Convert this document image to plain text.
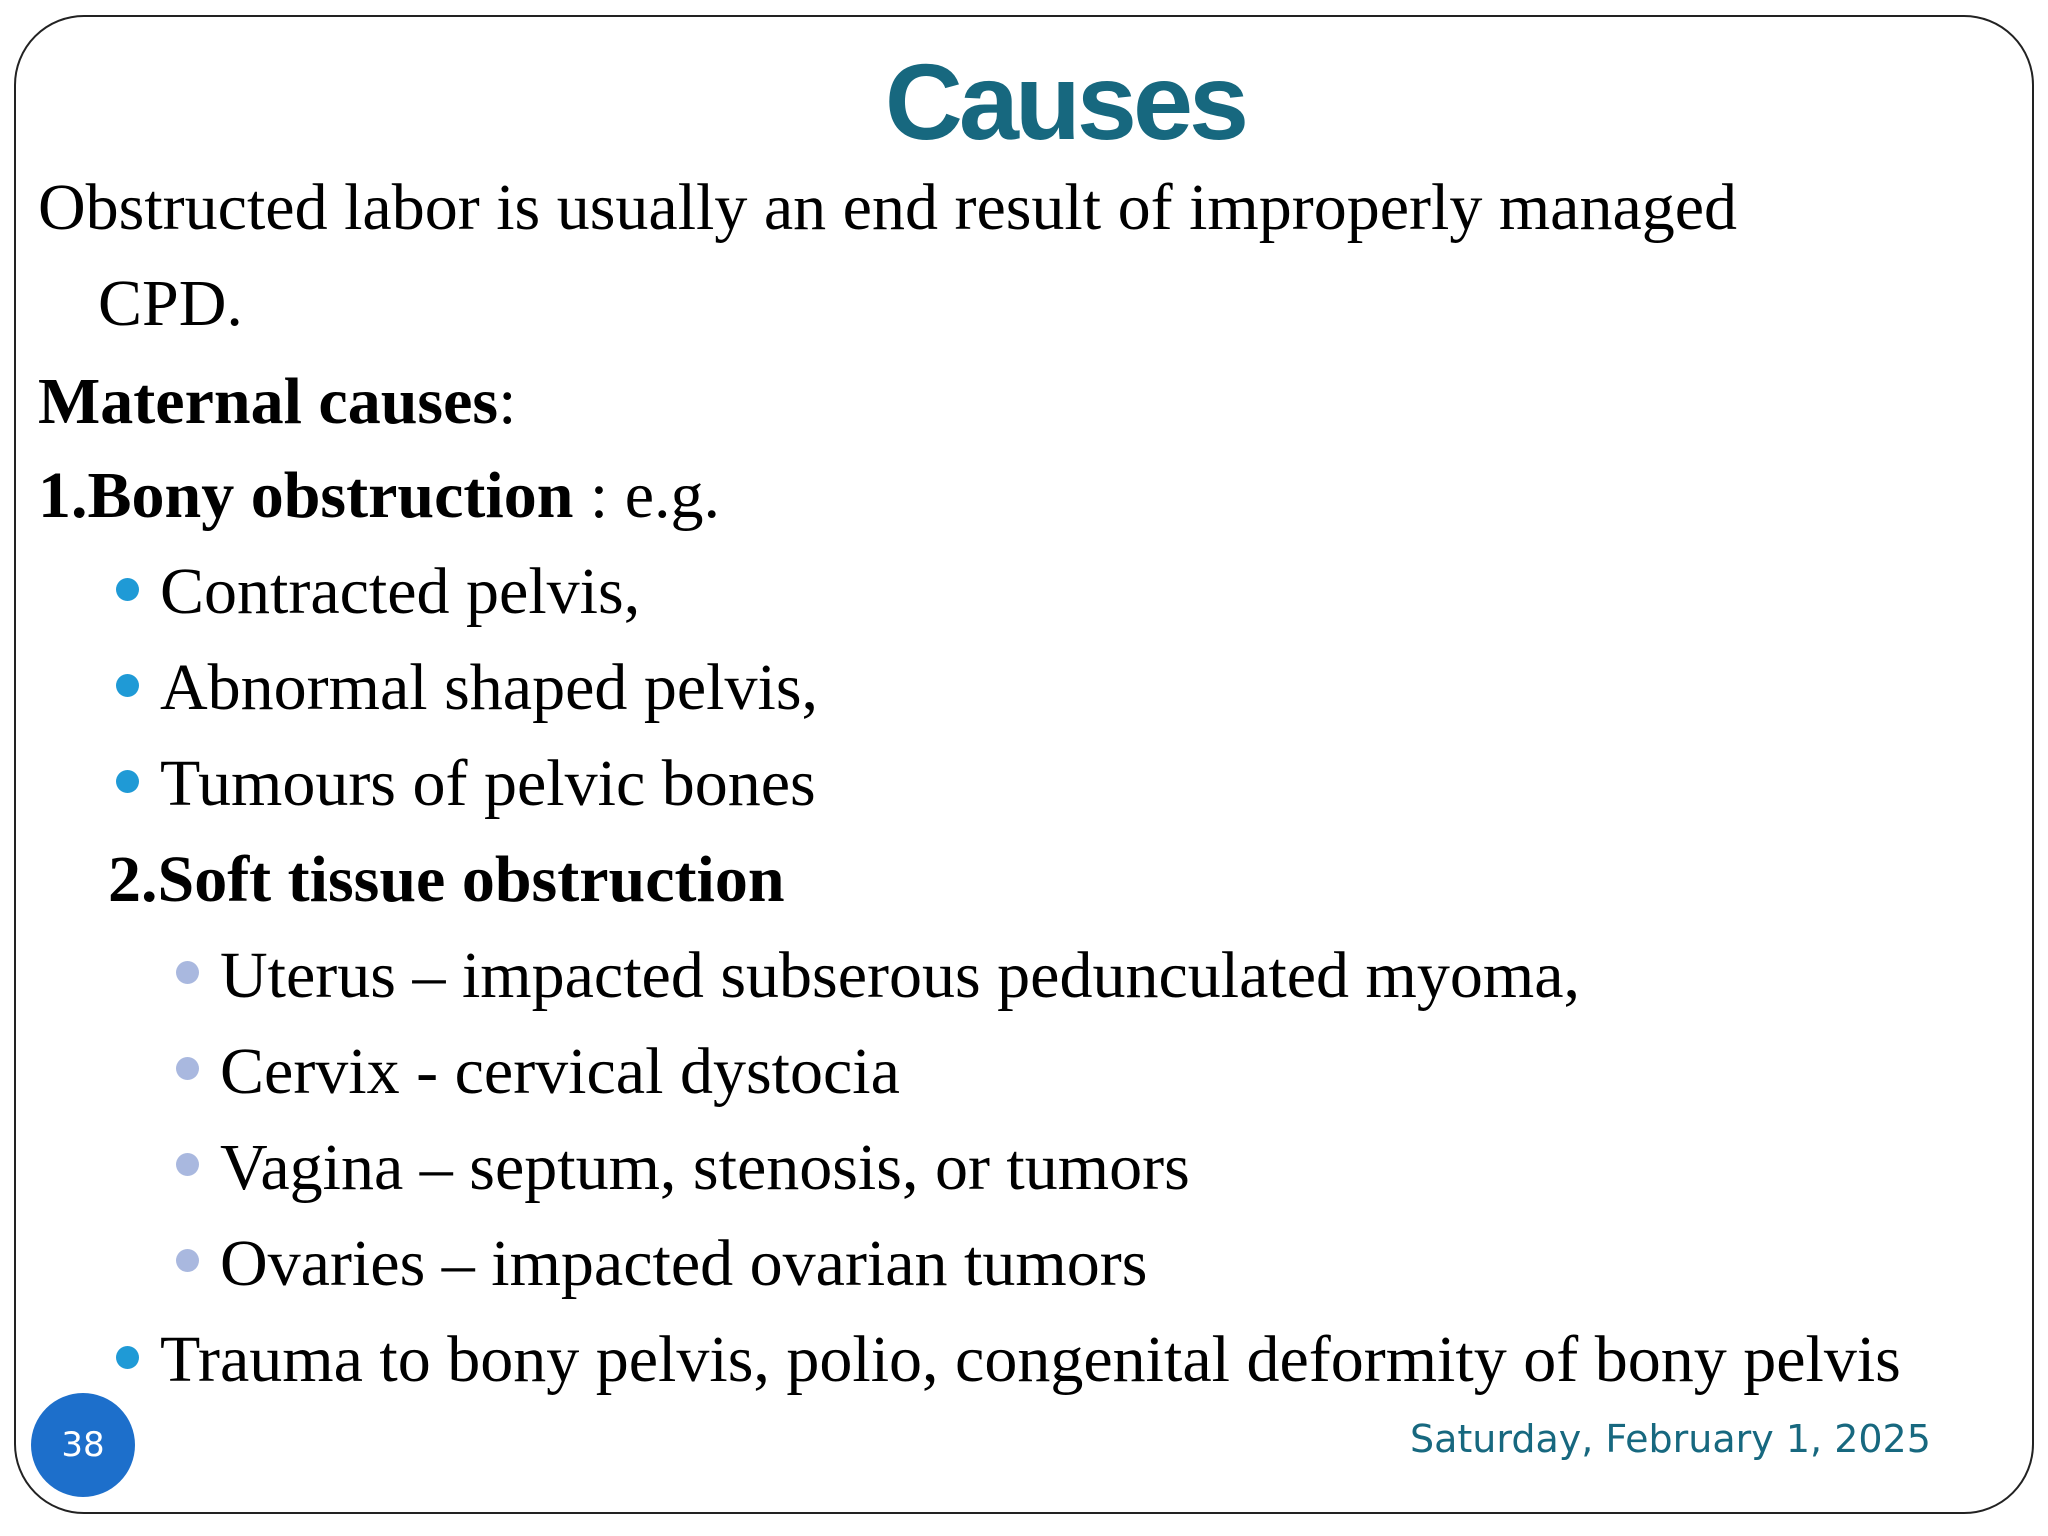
Causes
Obstructed labor is usually an end result of improperly managed
CPD.
Maternal causes:
1.Bony obstruction : e.g.
Contracted pelvis,
Abnormal shaped pelvis,
Tumours of pelvic bones
2.Soft tissue obstruction
Uterus – impacted subserous pedunculated myoma,
Cervix - cervical dystocia
Vagina – septum, stenosis, or tumors
Ovaries – impacted ovarian tumors
Trauma to bony pelvis, polio, congenital deformity of bony pelvis
38	Saturday, February 1, 2025
